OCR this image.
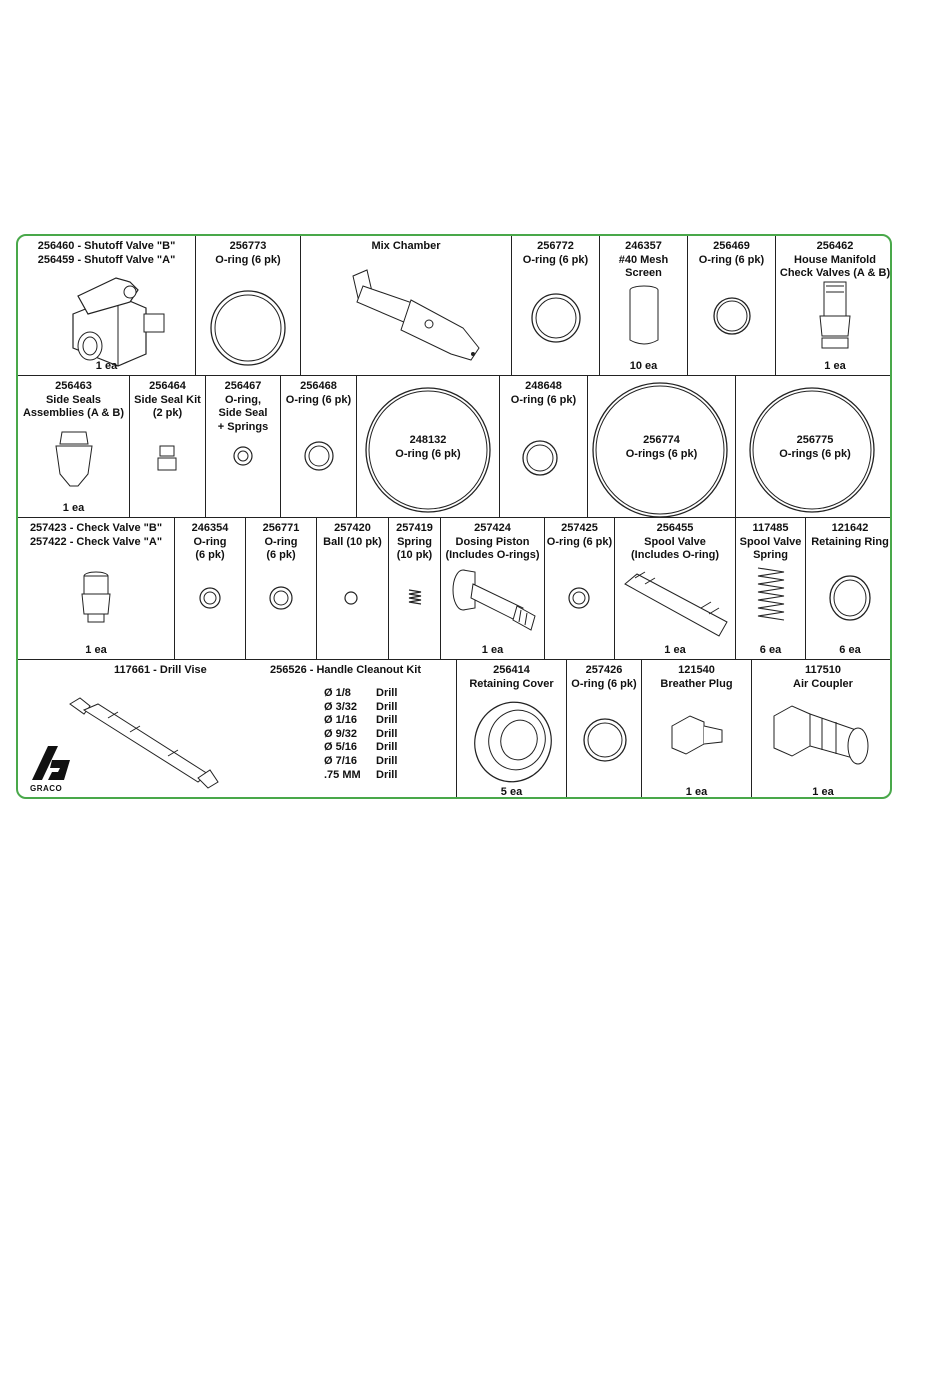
256460 - Shutoff Valve "B"
256459 - Shutoff Valve "A"
1 ea
256773
O-ring (6 pk)
Mix Chamber	256772
O-ring (6 pk)
246357
#40 Mesh
Screen
10 ea
256469
O-ring (6 pk)
256462
House Manifold
Check Valves (A & B)
1 ea
256463
Side Seals
Assemblies (A & B)
1 ea
256464
Side Seal Kit
(2 pk)
256467
O-ring,
Side Seal
+ Springs
256468
O-ring (6 pk)
248132
O-ring (6 pk)
248648
O-ring (6 pk)
256774
O-rings (6 pk)
256775
O-rings (6 pk)
257423 - Check Valve "B"
257422 - Check Valve "A"
1 ea
246354
O-ring
(6 pk)
256771
O-ring
(6 pk)
257420
Ball (10 pk)
257419
Spring
(10 pk)
257424
Dosing Piston
(Includes O-rings)
1 ea
257425
O-ring (6 pk)
256455
Spool Valve
(Includes O-ring)
1 ea
117485
Spool Valve
Spring
6 ea
121642
Retaining Ring
6 ea
117661 - Drill Vise	256526 - Handle Cleanout Kit
GRACO
Ø 1/8	Drill
Ø 3/32	Drill
Ø 1/16	Drill
Ø 9/32	Drill
Ø 5/16	Drill
Ø 7/16	Drill
.75 MM	Drill
256414
Retaining Cover
5 ea
257426
O-ring (6 pk)
121540
Breather Plug
1 ea
117510
Air Coupler
1 ea
